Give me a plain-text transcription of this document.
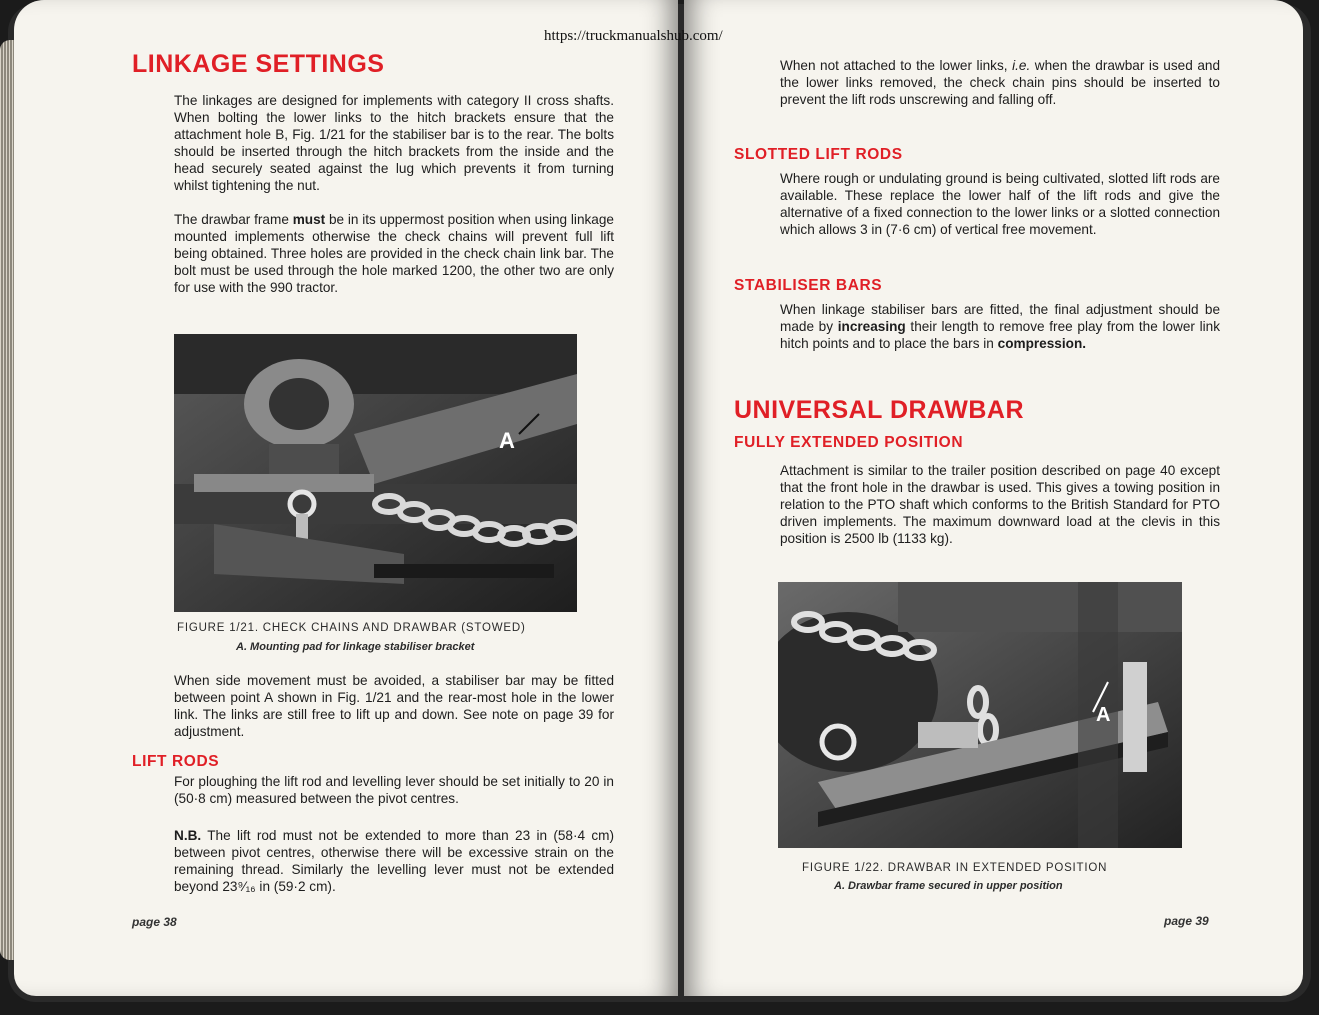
https://truckmanualshub.com/
LINKAGE SETTINGS

The linkages are designed for implements with category II cross shafts. When bolting the lower links to the hitch brackets ensure that the attachment hole B, Fig. 1/21 for the stabiliser bar is to the rear. The bolts should be inserted through the hitch brackets from the inside and the head securely seated against the lug which prevents it from turning whilst tightening the nut.

The drawbar frame must be in its uppermost position when using linkage mounted implements otherwise the check chains will prevent full lift being obtained. Three holes are provided in the check chain link bar. The bolt must be used through the hole marked 1200, the other two are only for use with the 990 tractor.

A

FIGURE 1/21. CHECK CHAINS AND DRAWBAR (STOWED)

A. Mounting pad for linkage stabiliser bracket

When side movement must be avoided, a stabiliser bar may be fitted between point A shown in Fig. 1/21 and the rear-most hole in the lower link. The links are still free to lift up and down. See note on page 39 for adjustment.

LIFT RODS

For ploughing the lift rod and levelling lever should be set initially to 20 in (50·8 cm) measured between the pivot centres.

N.B. The lift rod must not be extended to more than 23 in (58·4 cm) between pivot centres, otherwise there will be excessive strain on the remaining thread. Similarly the levelling lever must not be extended beyond 23⁹⁄₁₆ in (59·2 cm).

page 38

When not attached to the lower links, i.e. when the drawbar is used and the lower links removed, the check chain pins should be inserted to prevent the lift rods unscrewing and falling off.

SLOTTED LIFT RODS

Where rough or undulating ground is being cultivated, slotted lift rods are available. These replace the lower half of the lift rods and give the alternative of a fixed connection to the lower links or a slotted connection which allows 3 in (7·6 cm) of vertical free movement.

STABILISER BARS

When linkage stabiliser bars are fitted, the final adjustment should be made by increasing their length to remove free play from the lower link hitch points and to place the bars in compression.

UNIVERSAL DRAWBAR
FULLY EXTENDED POSITION

Attachment is similar to the trailer position described on page 40 except that the front hole in the drawbar is used. This gives a towing position in relation to the PTO shaft which conforms to the British Standard for PTO driven implements. The maximum downward load at the clevis in this position is 2500 lb (1133 kg).

A

FIGURE 1/22. DRAWBAR IN EXTENDED POSITION

A. Drawbar frame secured in upper position

page 39
